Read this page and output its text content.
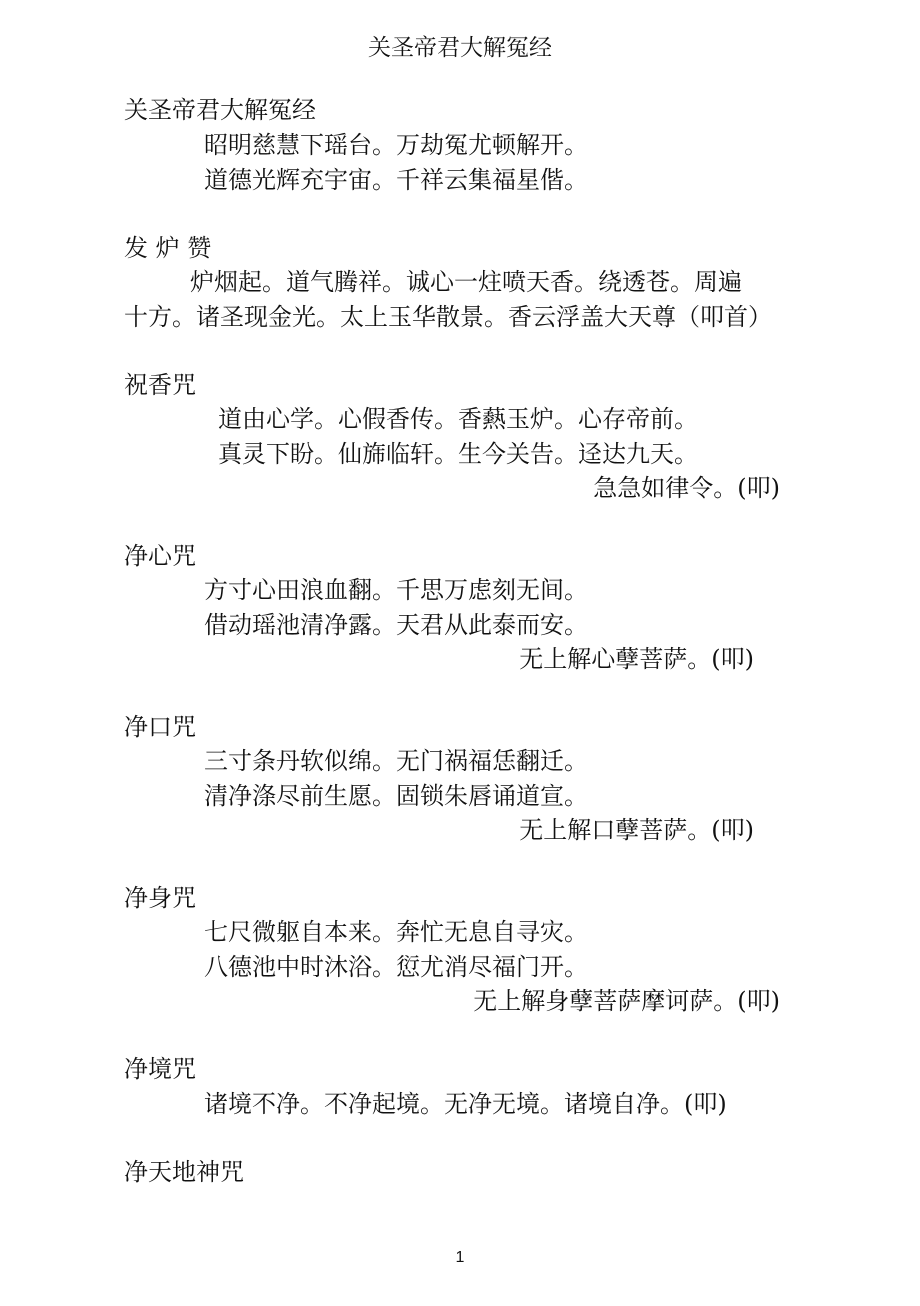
关圣帝君大解冤经
关圣帝君大解冤经
昭明慈慧下瑶台。万劫冤尤顿解开。
道德光辉充宇宙。千祥云集福星偕。
发 炉 赞
炉烟起。道气腾祥。诚心一炷喷天香。绕透苍。周遍
十方。诸圣现金光。太上玉华散景。香云浮盖大天尊（叩首）
祝香咒
道由心学。心假香传。香爇玉炉。心存帝前。
真灵下盼。仙旆临轩。生今关告。迳达九天。
急急如律令。(叩)
净心咒
方寸心田浪血翻。千思万虑刻无间。
借动瑶池清净露。天君从此泰而安。
无上解心孽菩萨。(叩)
净口咒
三寸条丹软似绵。无门祸福恁翻迁。
清净涤尽前生愿。固锁朱唇诵道宣。
无上解口孽菩萨。(叩)
净身咒
七尺微躯自本来。奔忙无息自寻灾。
八德池中时沐浴。愆尤消尽福门开。
无上解身孽菩萨摩诃萨。(叩)
净境咒
诸境不净。不净起境。无净无境。诸境自净。(叩)
净天地神咒
1
